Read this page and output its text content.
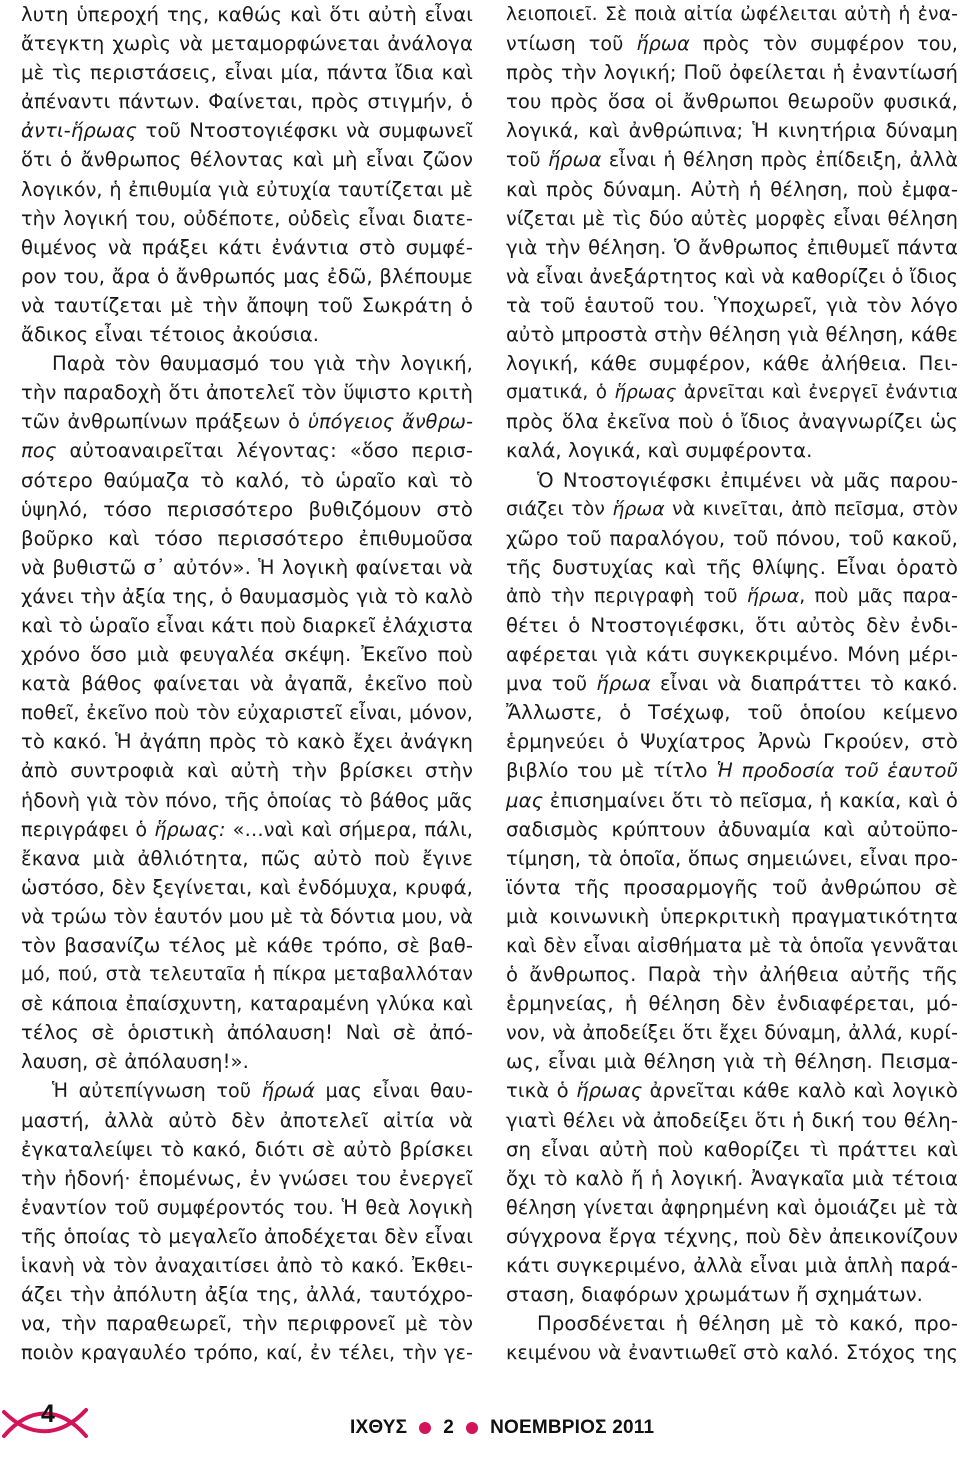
λυτη ὑπεροχή της, καθώς καὶ ὅτι αὐτὴ εἶναι
ἄτεγκτη χωρὶς νὰ μεταμορφώνεται ἀνάλογα
μὲ τὶς περιστάσεις, εἶναι μία, πάντα ἴδια καὶ
ἀπέναντι πάντων. Φαίνεται, πρὸς στιγμήν, ὁ
ἀντι-ἥρωας τοῦ Ντοστογιέφσκι νὰ συμφωνεῖ
ὅτι ὁ ἄνθρωπος θέλοντας καὶ μὴ εἶναι ζῶον
λογικόν, ἡ ἐπιθυμία γιὰ εὐτυχία ταυτίζεται μὲ
τὴν λογική του, οὐδέποτε, οὐδεὶς εἶναι διατε-
θιμένος νὰ πράξει κάτι ἐνάντια στὸ συμφέ-
ρον του, ἄρα ὁ ἄνθρωπός μας ἐδῶ, βλέπουμε
νὰ ταυτίζεται μὲ τὴν ἄποψη τοῦ Σωκράτη ὁ
ἄδικος εἶναι τέτοιος ἀκούσια.
Παρὰ τὸν θαυμασμό του γιὰ τὴν λογική,
τὴν παραδοχὴ ὅτι ἀποτελεῖ τὸν ὕψιστο κριτὴ
τῶν ἀνθρωπίνων πράξεων ὁ ὑπόγειος ἄνθρω-
πος αὐτοαναιρεῖται λέγοντας: «ὅσο περισ-
σότερο θαύμαζα τὸ καλό, τὸ ὡραῖο καὶ τὸ
ὑψηλό, τόσο περισσότερο βυθιζόμουν στὸ
βοῦρκο καὶ τόσο περισσότερο ἐπιθυμοῦσα
νὰ βυθιστῶ σ᾽ αὐτόν». Ἡ λογικὴ φαίνεται νὰ
χάνει τὴν ἀξία της, ὁ θαυμασμὸς γιὰ τὸ καλὸ
καὶ τὸ ὡραῖο εἶναι κάτι ποὺ διαρκεῖ ἐλάχιστα
χρόνο ὅσο μιὰ φευγαλέα σκέψη. Ἐκεῖνο ποὺ
κατὰ βάθος φαίνεται νὰ ἀγαπᾶ, ἐκεῖνο ποὺ
ποθεῖ, ἐκεῖνο ποὺ τὸν εὐχαριστεῖ εἶναι, μόνον,
τὸ κακό. Ἡ ἀγάπη πρὸς τὸ κακὸ ἔχει ἀνάγκη
ἀπὸ συντροφιὰ καὶ αὐτὴ τὴν βρίσκει στὴν
ἡδονὴ γιὰ τὸν πόνο, τῆς ὁποίας τὸ βάθος μᾶς
περιγράφει ὁ ἥρωας: «…ναὶ καὶ σήμερα, πάλι,
ἔκανα μιὰ ἀθλιότητα, πῶς αὐτὸ ποὺ ἔγινε
ὡστόσο, δὲν ξεγίνεται, καὶ ἐνδόμυχα, κρυφά,
νὰ τρώω τὸν ἑαυτόν μου μὲ τὰ δόντια μου, νὰ
τὸν βασανίζω τέλος μὲ κάθε τρόπο, σὲ βαθ-
μό, πού, στὰ τελευταῖα ἡ πίκρα μεταβαλλόταν
σὲ κάποια ἐπαίσχυντη, καταραμένη γλύκα καὶ
τέλος σὲ ὁριστικὴ ἀπόλαυση! Ναὶ σὲ ἀπό-
λαυση, σὲ ἀπόλαυση!».
Ἡ αὐτεπίγνωση τοῦ ἥρωά μας εἶναι θαυ-
μαστή, ἀλλὰ αὐτὸ δὲν ἀποτελεῖ αἰτία νὰ
ἐγκαταλείψει τὸ κακό, διότι σὲ αὐτὸ βρίσκει
τὴν ἡδονή· ἑπομένως, ἐν γνώσει του ἐνεργεῖ
ἐναντίον τοῦ συμφέροντός του. Ἡ θεὰ λογικὴ
τῆς ὁποίας τὸ μεγαλεῖο ἀποδέχεται δὲν εἶναι
ἱκανὴ νὰ τὸν ἀναχαιτίσει ἀπὸ τὸ κακό. Ἐκθει-
άζει τὴν ἀπόλυτη ἀξία της, ἀλλά, ταυτόχρο-
να, τὴν παραθεωρεῖ, τὴν περιφρονεῖ μὲ τὸν
ποιὸν κραγαυλέο τρόπο, καί, ἐν τέλει, τὴν γε-
λειοποιεῖ. Σὲ ποιὰ αἰτία ὠφέλειται αὐτὴ ἡ ἐνα-
ντίωση τοῦ ἥρωα πρὸς τὸν συμφέρον του,
πρὸς τὴν λογική; Ποῦ ὀφείλεται ἡ ἐναντίωσή
του πρὸς ὅσα οἱ ἄνθρωποι θεωροῦν φυσικά,
λογικά, καὶ ἀνθρώπινα; Ἡ κινητήρια δύναμη
τοῦ ἥρωα εἶναι ἡ θέληση πρὸς ἐπίδειξη, ἀλλὰ
καὶ πρὸς δύναμη. Αὐτὴ ἡ θέληση, ποὺ ἐμφα-
νίζεται μὲ τὶς δύο αὐτὲς μορφὲς εἶναι θέληση
γιὰ τὴν θέληση. Ὁ ἄνθρωπος ἐπιθυμεῖ πάντα
νὰ εἶναι ἀνεξάρτητος καὶ νὰ καθορίζει ὁ ἴδιος
τὰ τοῦ ἑαυτοῦ του. Ὑποχωρεῖ, γιὰ τὸν λόγο
αὐτὸ μπροστὰ στὴν θέληση γιὰ θέληση, κάθε
λογική, κάθε συμφέρον, κάθε ἀλήθεια. Πει-
σματικά, ὁ ἥρωας ἀρνεῖται καὶ ἐνεργεῖ ἐνάντια
πρὸς ὅλα ἐκεῖνα ποὺ ὁ ἴδιος ἀναγνωρίζει ὡς
καλά, λογικά, καὶ συμφέροντα.
Ὁ Ντοστογιέφσκι ἐπιμένει νὰ μᾶς παρου-
σιάζει τὸν ἥρωα νὰ κινεῖται, ἀπὸ πεῖσμα, στὸν
χῶρο τοῦ παραλόγου, τοῦ πόνου, τοῦ κακοῦ,
τῆς δυστυχίας καὶ τῆς θλίψης. Εἶναι ὁρατὸ
ἀπὸ τὴν περιγραφὴ τοῦ ἥρωα, ποὺ μᾶς παρα-
θέτει ὁ Ντοστογιέφσκι, ὅτι αὐτὸς δὲν ἐνδι-
αφέρεται γιὰ κάτι συγκεκριμένο. Μόνη μέρι-
μνα τοῦ ἥρωα εἶναι νὰ διαπράττει τὸ κακό.
Ἄλλωστε, ὁ Τσέχωφ, τοῦ ὁποίου κείμενο
ἑρμηνεύει ὁ Ψυχίατρος Ἀρνὼ Γκρούεν, στὸ
βιβλίο του μὲ τίτλο Ἡ προδοσία τοῦ ἑαυτοῦ
μας ἐπισημαίνει ὅτι τὸ πεῖσμα, ἡ κακία, καὶ ὁ
σαδισμὸς κρύπτουν ἀδυναμία καὶ αὐτοϋπο-
τίμηση, τὰ ὁποῖα, ὅπως σημειώνει, εἶναι προ-
ϊόντα τῆς προσαρμογῆς τοῦ ἀνθρώπου σὲ
μιὰ κοινωνικὴ ὑπερκριτικὴ πραγματικότητα
καὶ δὲν εἶναι αἰσθήματα μὲ τὰ ὁποῖα γεννᾶται
ὁ ἄνθρωπος. Παρὰ τὴν ἀλήθεια αὐτῆς τῆς
ἑρμηνείας, ἡ θέληση δὲν ἐνδιαφέρεται, μό-
νον, νὰ ἀποδείξει ὅτι ἔχει δύναμη, ἀλλά, κυρί-
ως, εἶναι μιὰ θέληση γιὰ τὴ θέληση. Πεισμα-
τικὰ ὁ ἥρωας ἀρνεῖται κάθε καλὸ καὶ λογικὸ
γιατὶ θέλει νὰ ἀποδείξει ὅτι ἡ δική του θέλη-
ση εἶναι αὐτὴ ποὺ καθορίζει τὶ πράττει καὶ
ὄχι τὸ καλὸ ἤ ἡ λογική. Ἀναγκαῖα μιὰ τέτοια
θέληση γίνεται ἀφηρημένη καὶ ὁμοιάζει μὲ τὰ
σύγχρονα ἔργα τέχνης, ποὺ δὲν ἀπεικονίζουν
κάτι συγκεριμένο, ἀλλὰ εἶναι μιὰ ἁπλὴ παρά-
σταση, διαφόρων χρωμάτων ἤ σχημάτων.
Προσδένεται ἡ θέληση μὲ τὸ κακό, προ-
κειμένου νὰ ἐναντιωθεῖ στὸ καλό. Στόχος της
4	ΙΧΘΥΣ 2 ΝΟΕΜΒΡΙΟΣ 2011
